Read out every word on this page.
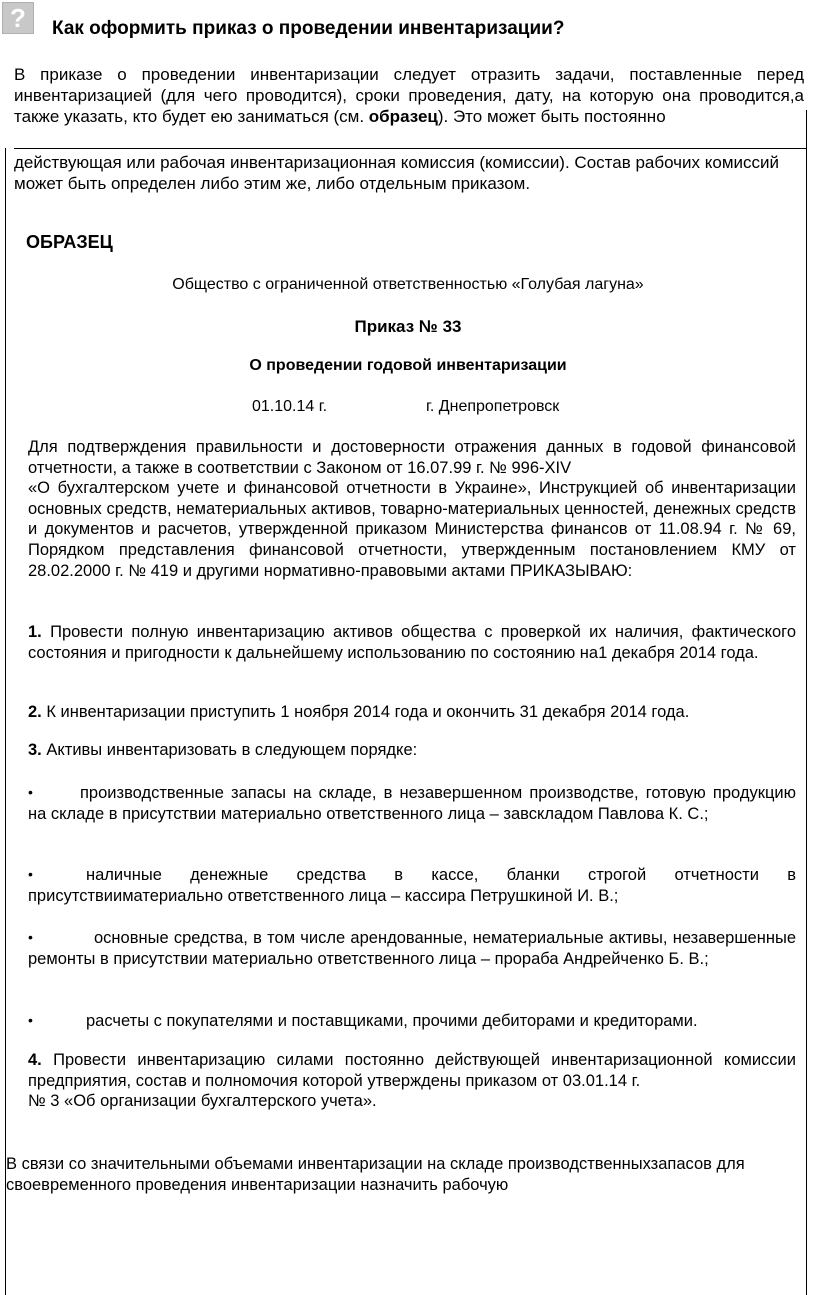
?	Как оформить приказ о проведении инвентаризации?
В приказе о проведении инвентаризации следует отразить задачи, поставленные перед инвентаризацией (для чего проводится), сроки проведения, дату, на которую она проводится,а также указать, кто будет ею заниматься (см. образец). Это может быть постоянно
действующая или рабочая инвентаризационная комиссия (комиссии). Состав рабочих комиссий может быть определен либо этим же, либо отдельным приказом.
ОБРАЗЕЦ
Общество с ограниченной ответственностью «Голубая лагуна»
Приказ № 33
О проведении годовой инвентаризации
01.10.14 г.	г. Днепропетровск
Для подтверждения правильности и достоверности отражения данных в годовой финансовой отчетности, а также в соответствии с Законом от 16.07.99 г. № 996-XIV
«О бухгалтерском учете и финансовой отчетности в Украине», Инструкцией об инвентаризации основных средств, нематериальных активов, товарно-материальных ценностей, денежных средств и документов и расчетов, утвержденной приказом Министерства финансов от 11.08.94 г. № 69, Порядком представления финансовой отчетности, утвержденным постановлением КМУ от 28.02.2000 г. № 419 и другими нормативно-правовыми актами ПРИКАЗЫВАЮ:
1. Провести полную инвентаризацию активов общества с проверкой их наличия, фактического состояния и пригодности к дальнейшему использованию по состоянию на1 декабря 2014 года.
2. К инвентаризации приступить 1 ноября 2014 года и окончить 31 декабря 2014 года.
3. Активы инвентаризовать в следующем порядке:
•	производственные запасы на складе, в незавершенном производстве, готовую продукцию на складе в присутствии материально ответственного лица – завскладом Павлова К. С.;
•	наличные денежные средства в кассе, бланки строгой отчетности в присутствииматериально ответственного лица – кассира Петрушкиной И. В.;
•	основные средства, в том числе арендованные, нематериальные активы, незавершенные ремонты в присутствии материально ответственного лица – прораба Андрейченко Б. В.;
•	расчеты с покупателями и поставщиками, прочими дебиторами и кредиторами.
4. Провести инвентаризацию силами постоянно действующей инвентаризационной комиссии предприятия, состав и полномочия которой утверждены приказом от 03.01.14 г.
№ 3 «Об организации бухгалтерского учета».
В связи со значительными объемами инвентаризации на складе производственныхзапасов для своевременного проведения инвентаризации назначить рабочую
